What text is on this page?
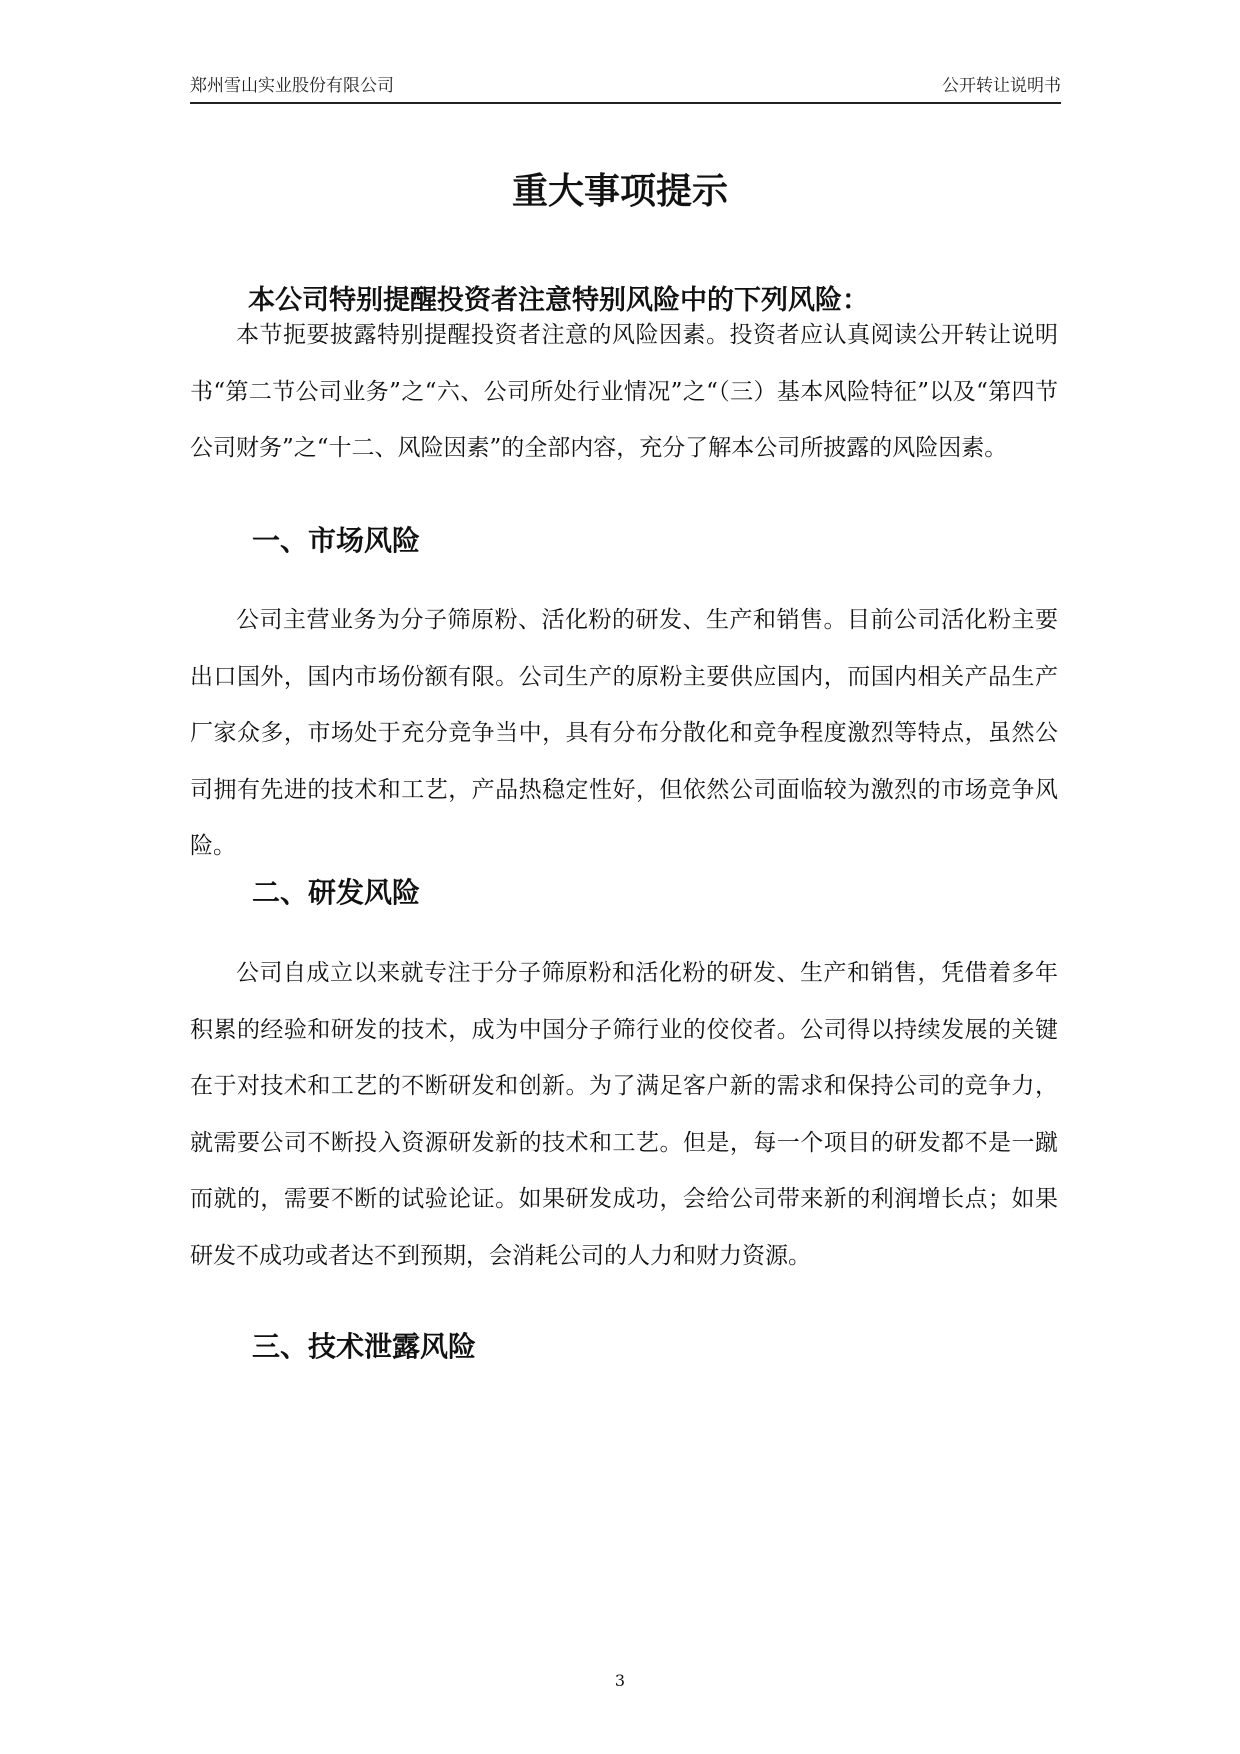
郑州雪山实业股份有限公司	公开转让说明书
重大事项提示
本公司特别提醒投资者注意特别风险中的下列风险：

本节扼要披露特别提醒投资者注意的风险因素。投资者应认真阅读公开转让说明书“第二节公司业务”之“六、公司所处行业情况”之“（三）基本风险特征”以及“第四节公司财务”之“十二、风险因素”的全部内容，充分了解本公司所披露的风险因素。

一、市场风险

公司主营业务为分子筛原粉、活化粉的研发、生产和销售。目前公司活化粉主要出口国外，国内市场份额有限。公司生产的原粉主要供应国内，而国内相关产品生产厂家众多，市场处于充分竞争当中，具有分布分散化和竞争程度激烈等特点，虽然公司拥有先进的技术和工艺，产品热稳定性好，但依然公司面临较为激烈的市场竞争风险。

二、研发风险

公司自成立以来就专注于分子筛原粉和活化粉的研发、生产和销售，凭借着多年积累的经验和研发的技术，成为中国分子筛行业的佼佼者。公司得以持续发展的关键在于对技术和工艺的不断研发和创新。为了满足客户新的需求和保持公司的竞争力，就需要公司不断投入资源研发新的技术和工艺。但是，每一个项目的研发都不是一蹴而就的，需要不断的试验论证。如果研发成功，会给公司带来新的利润增长点；如果研发不成功或者达不到预期，会消耗公司的人力和财力资源。

三、技术泄露风险
3
